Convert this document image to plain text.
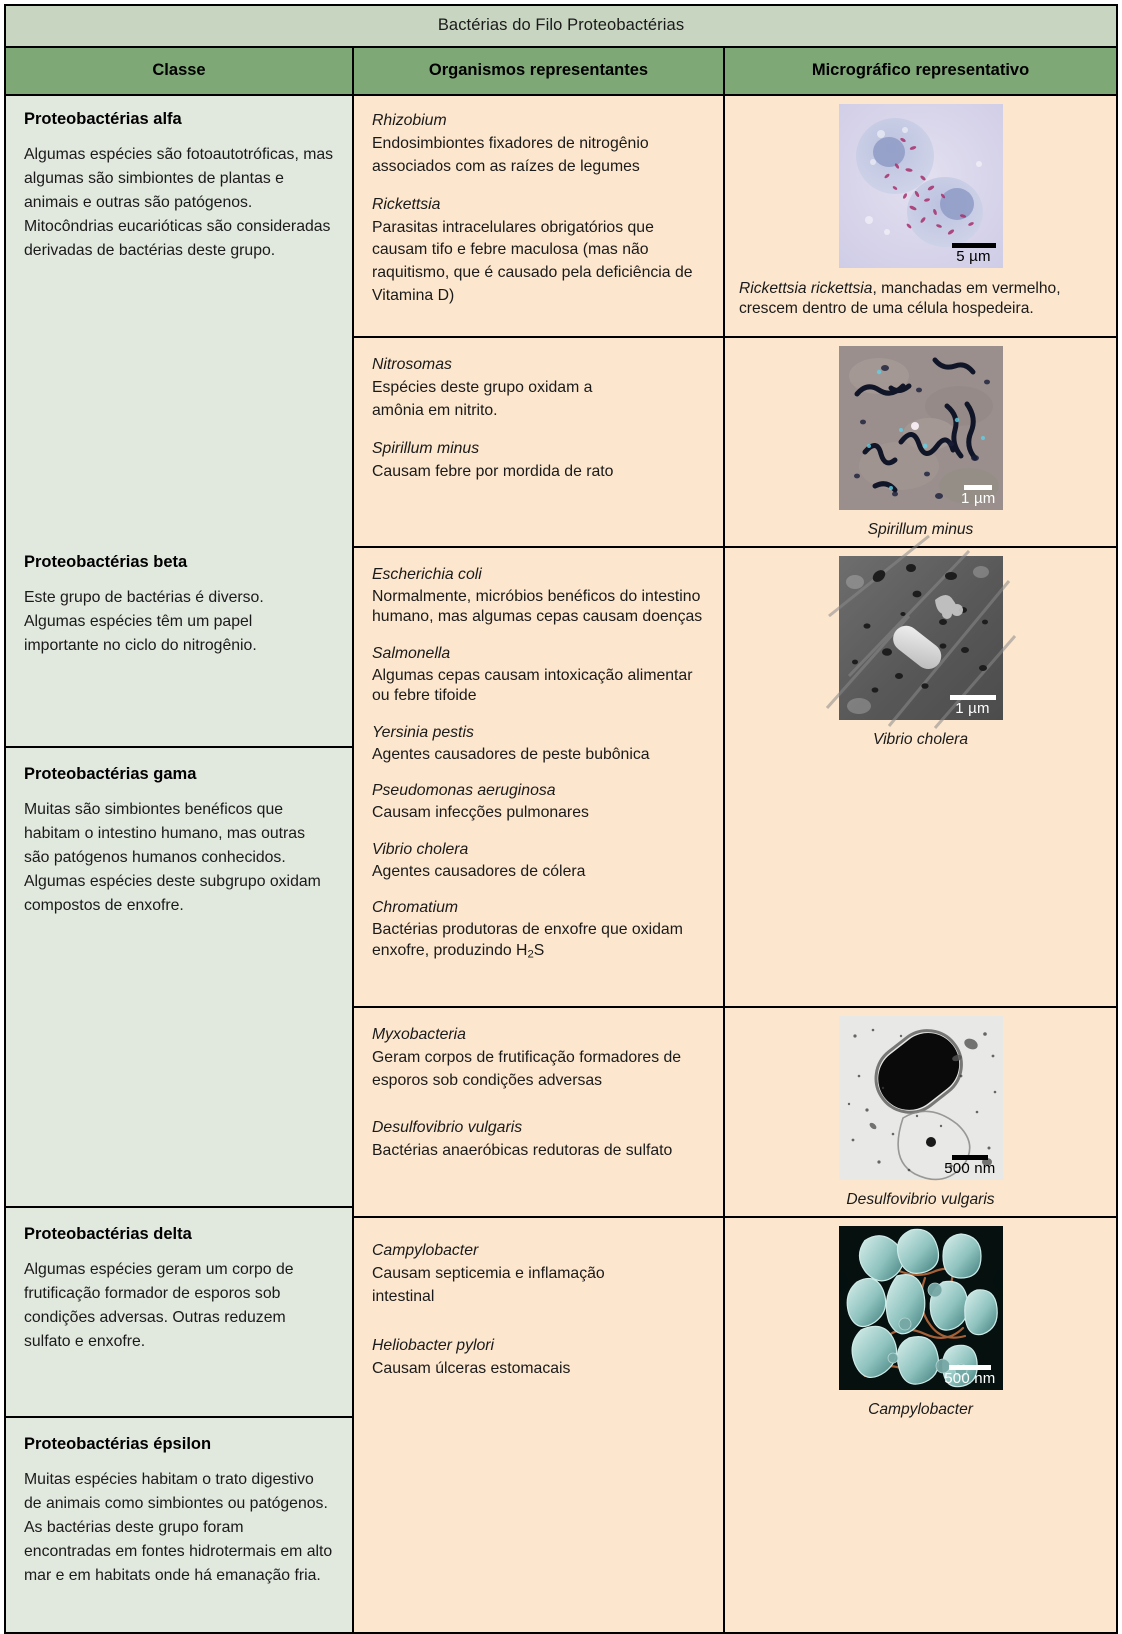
Bactérias do Filo Proteobactérias
Classe	Organismos representantes	Micrográfico representativo
Proteobactérias alfa
Algumas espécies são fotoautotróficas, mas algumas são simbiontes de plantas e animais e outras são patógenos. Mitocôndrias eucarióticas são consideradas derivadas de bactérias deste grupo.
Proteobactérias beta
Este grupo de bactérias é diverso. Algumas espécies têm um papel importante no ciclo do nitrogênio.
Proteobactérias gama
Muitas são simbiontes benéficos que habitam o intestino humano, mas outras são patógenos humanos conhecidos. Algumas espécies deste subgrupo oxidam compostos de enxofre.
Proteobactérias delta
Algumas espécies geram um corpo de frutificação formador de esporos sob condições adversas. Outras reduzem sulfato e enxofre.
Proteobactérias épsilon
Muitas espécies habitam o trato digestivo de animais como simbiontes ou patógenos. As bactérias deste grupo foram encontradas em fontes hidrotermais em alto mar e em habitats onde há emanação fria.
Rhizobium
Endosimbiontes fixadores de nitrogênio associados com as raízes de legumes
Rickettsia
Parasitas intracelulares obrigatórios que causam tifo e febre maculosa (mas não raquitismo, que é causado pela deficiência de Vitamina D)
Nitrosomas
Espécies deste grupo oxidam a amônia em nitrito.
Spirillum minus
Causam febre por mordida de rato
Escherichia coli
Normalmente, micróbios benéficos do intestino humano, mas algumas cepas causam doenças
Salmonella
Algumas cepas causam intoxicação alimentar ou febre tifoide
Yersinia pestis
Agentes causadores de peste bubônica
Pseudomonas aeruginosa
Causam infecções pulmonares
Vibrio cholera
Agentes causadores de cólera
Chromatium
Bactérias produtoras de enxofre que oxidam enxofre, produzindo $H_2S$
Myxobacteria
Geram corpos de frutificação formadores de esporos sob condições adversas
Desulfovibrio vulgaris
Bactérias anaeróbicas redutoras de sulfato
Campylobacter
Causam septicemia e inflamação intestinal
Heliobacter pylori
Causam úlceras estomacais
5 µm
Rickettsia rickettsia, manchadas em vermelho, crescem dentro de uma célula hospedeira.
1 µm
Spirillum minus
1 µm
Vibrio cholera
500 nm
Desulfovibrio vulgaris
500 nm
Campylobacter
